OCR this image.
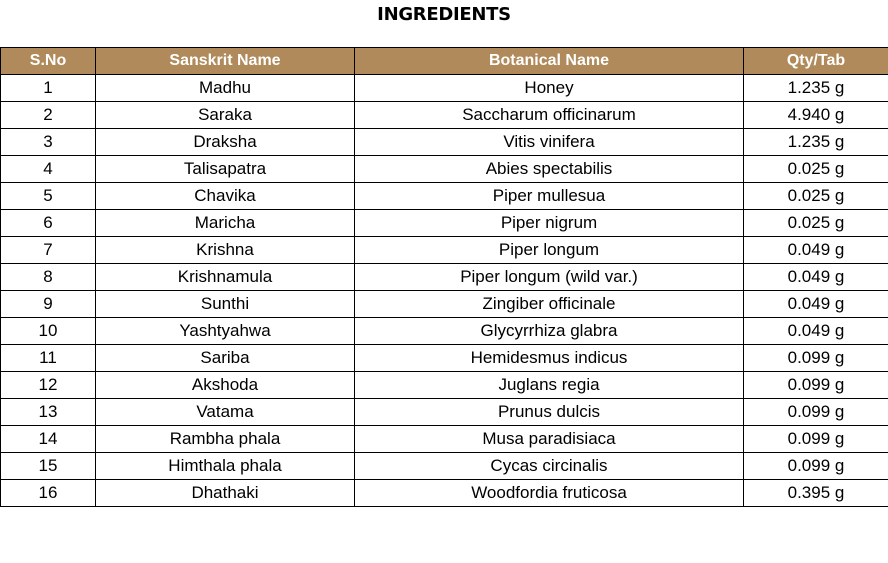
INGREDIENTS
S.No	Sanskrit Name	Botanical Name	Qty/Tab
1	Madhu	Honey	1.235 g
2	Saraka	Saccharum officinarum	4.940 g
3	Draksha	Vitis vinifera	1.235 g
4	Talisapatra	Abies spectabilis	0.025 g
5	Chavika	Piper mullesua	0.025 g
6	Maricha	Piper nigrum	0.025 g
7	Krishna	Piper longum	0.049 g
8	Krishnamula	Piper longum (wild var.)	0.049 g
9	Sunthi	Zingiber officinale	0.049 g
10	Yashtyahwa	Glycyrrhiza glabra	0.049 g
11	Sariba	Hemidesmus indicus	0.099 g
12	Akshoda	Juglans regia	0.099 g
13	Vatama	Prunus dulcis	0.099 g
14	Rambha phala	Musa paradisiaca	0.099 g
15	Himthala phala	Cycas circinalis	0.099 g
16	Dhathaki	Woodfordia fruticosa	0.395 g
